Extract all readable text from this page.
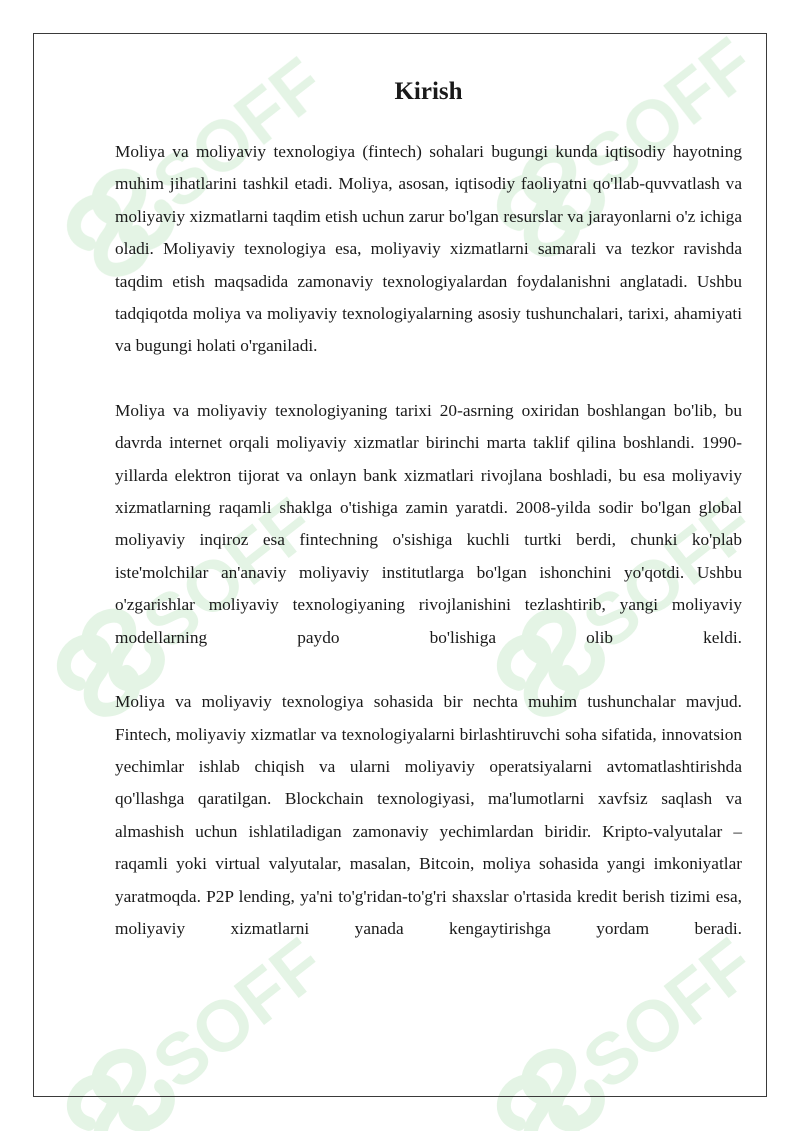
SOFF
Kirish

Moliya va moliyaviy texnologiya (fintech) sohalari bugungi kunda iqtisodiy hayotning muhim jihatlarini tashkil etadi. Moliya, asosan, iqtisodiy faoliyatni qo'llab-quvvatlash va moliyaviy xizmatlarni taqdim etish uchun zarur bo'lgan resurslar va jarayonlarni o'z ichiga oladi. Moliyaviy texnologiya esa, moliyaviy xizmatlarni samarali va tezkor ravishda taqdim etish maqsadida zamonaviy texnologiyalardan foydalanishni anglatadi. Ushbu tadqiqotda moliya va moliyaviy texnologiyalarning asosiy tushunchalari, tarixi, ahamiyati va bugungi holati o'rganiladi.

Moliya va moliyaviy texnologiyaning tarixi 20-asrning oxiridan boshlangan bo'lib, bu davrda internet orqali moliyaviy xizmatlar birinchi marta taklif qilina boshlandi. 1990-yillarda elektron tijorat va onlayn bank xizmatlari rivojlana boshladi, bu esa moliyaviy xizmatlarning raqamli shaklga o'tishiga zamin yaratdi. 2008-yilda sodir bo'lgan global moliyaviy inqiroz esa fintechning o'sishiga kuchli turtki berdi, chunki ko'plab iste'molchilar an'anaviy moliyaviy institutlarga bo'lgan ishonchini yo'qotdi. Ushbu o'zgarishlar moliyaviy texnologiyaning rivojlanishini tezlashtirib, yangi moliyaviy modellarning paydo bo'lishiga olib keldi.

Moliya va moliyaviy texnologiya sohasida bir nechta muhim tushunchalar mavjud. Fintech, moliyaviy xizmatlar va texnologiyalarni birlashtiruvchi soha sifatida, innovatsion yechimlar ishlab chiqish va ularni moliyaviy operatsiyalarni avtomatlashtirishda qo'llashga qaratilgan. Blockchain texnologiyasi, ma'lumotlarni xavfsiz saqlash va almashish uchun ishlatiladigan zamonaviy yechimlardan biridir. Kripto-valyutalar – raqamli yoki virtual valyutalar, masalan, Bitcoin, moliya sohasida yangi imkoniyatlar yaratmoqda. P2P lending, ya'ni to'g'ridan-to'g'ri shaxslar o'rtasida kredit berish tizimi esa, moliyaviy xizmatlarni yanada kengaytirishga yordam beradi.
